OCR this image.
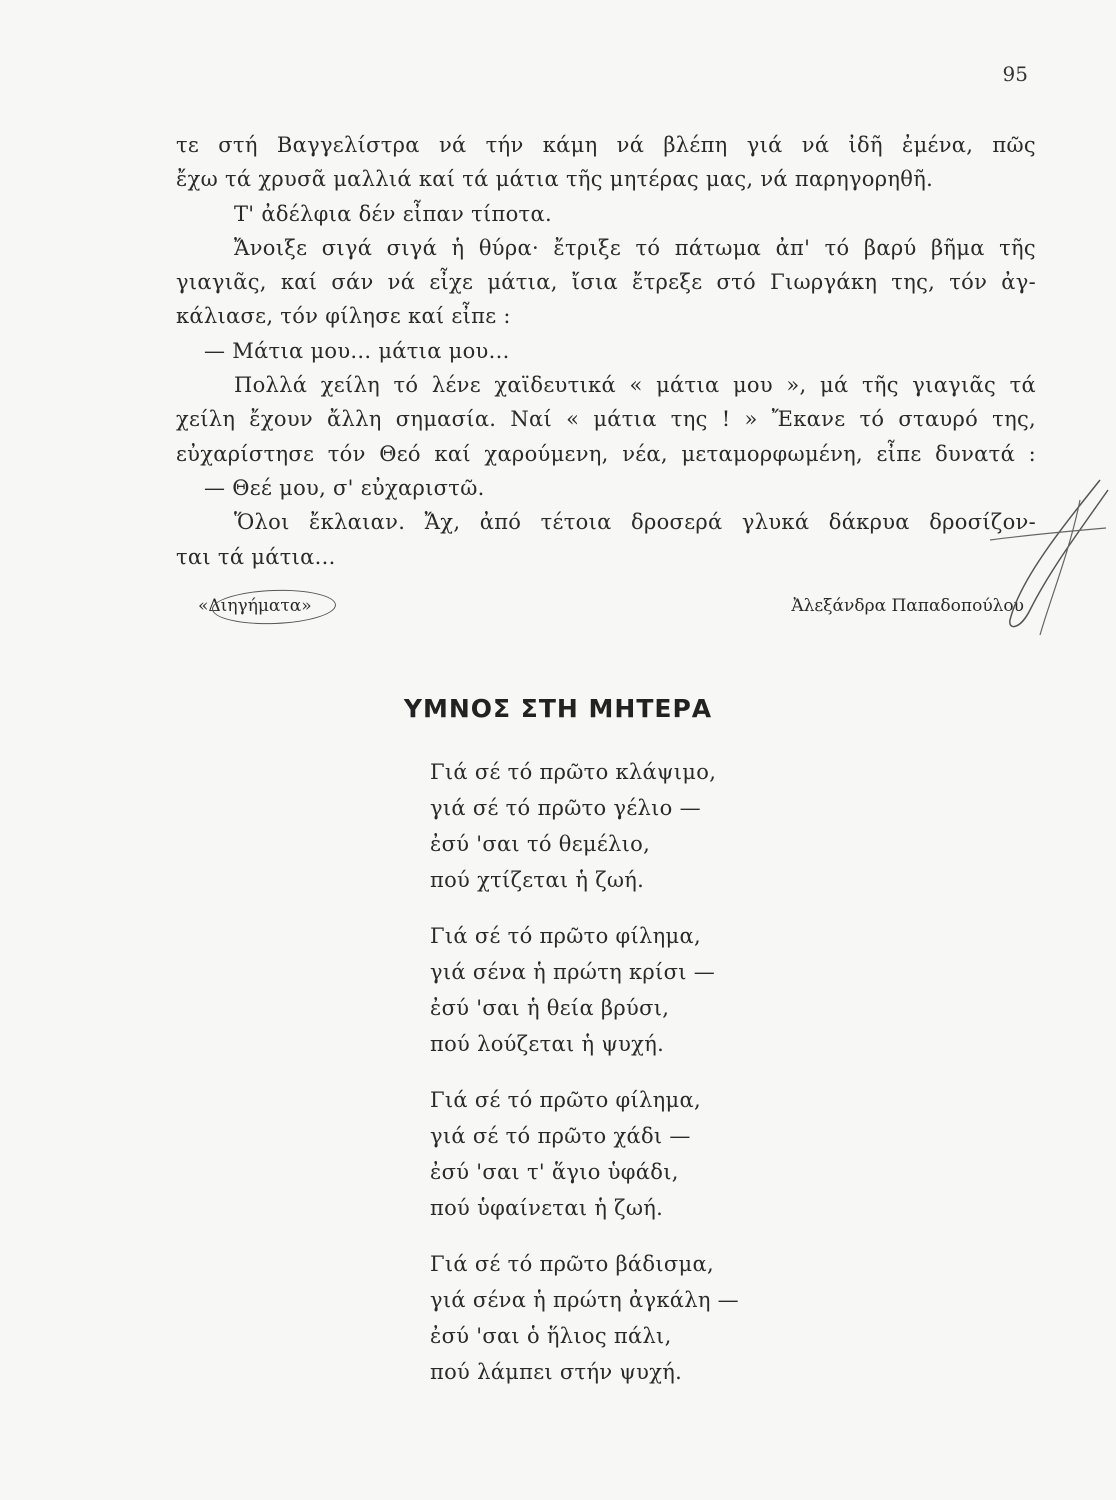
95

τε στή Βαγγελίστρα νά τήν κάμη νά βλέπη γιά νά ἰδῆ ἐμένα, πῶς

ἔχω τά χρυσᾶ μαλλιά καί τά μάτια τῆς μητέρας μας, νά παρηγορηθῆ.

Τ' ἀδέλφια δέν εἶπαν τίποτα.

Ἄνοιξε σιγά σιγά ἡ θύρα· ἔτριξε τό πάτωμα ἀπ' τό βαρύ βῆμα τῆς

γιαγιᾶς, καί σάν νά εἶχε μάτια, ἴσια ἔτρεξε στό Γιωργάκη της, τόν ἀγ-

κάλιασε, τόν φίλησε καί εἶπε :

— Μάτια μου... μάτια μου...

Πολλά χείλη τό λένε χαϊδευτικά « μάτια μου », μά τῆς γιαγιᾶς τά

χείλη ἔχουν ἄλλη σημασία. Ναί « μάτια της ! » Ἔκανε τό σταυρό της,

εὐχαρίστησε τόν Θεό καί χαρούμενη, νέα, μεταμορφωμένη, εἶπε δυνατά :

— Θεέ μου, σ' εὐχαριστῶ.

Ὅλοι ἔκλαιαν. Ἄχ, ἀπό τέτοια δροσερά γλυκά δάκρυα δροσίζον-

ται τά μάτια...

«Διηγήματα»	Ἀλεξάνδρα Παπαδοπούλου
ΥΜΝΟΣ ΣΤΗ ΜΗΤΕΡΑ
Γιά σέ τό πρῶτο κλάψιμο,
γιά σέ τό πρῶτο γέλιο —
ἐσύ 'σαι τό θεμέλιο,
πού χτίζεται ἡ ζωή.
Γιά σέ τό πρῶτο φίλημα,
γιά σένα ἡ πρώτη κρίσι —
ἐσύ 'σαι ἡ θεία βρύσι,
πού λούζεται ἡ ψυχή.
Γιά σέ τό πρῶτο φίλημα,
γιά σέ τό πρῶτο χάδι —
ἐσύ 'σαι τ' ἅγιο ὑφάδι,
πού ὑφαίνεται ἡ ζωή.
Γιά σέ τό πρῶτο βάδισμα,
γιά σένα ἡ πρώτη ἀγκάλη —
ἐσύ 'σαι ὁ ἥλιος πάλι,
πού λάμπει στήν ψυχή.
